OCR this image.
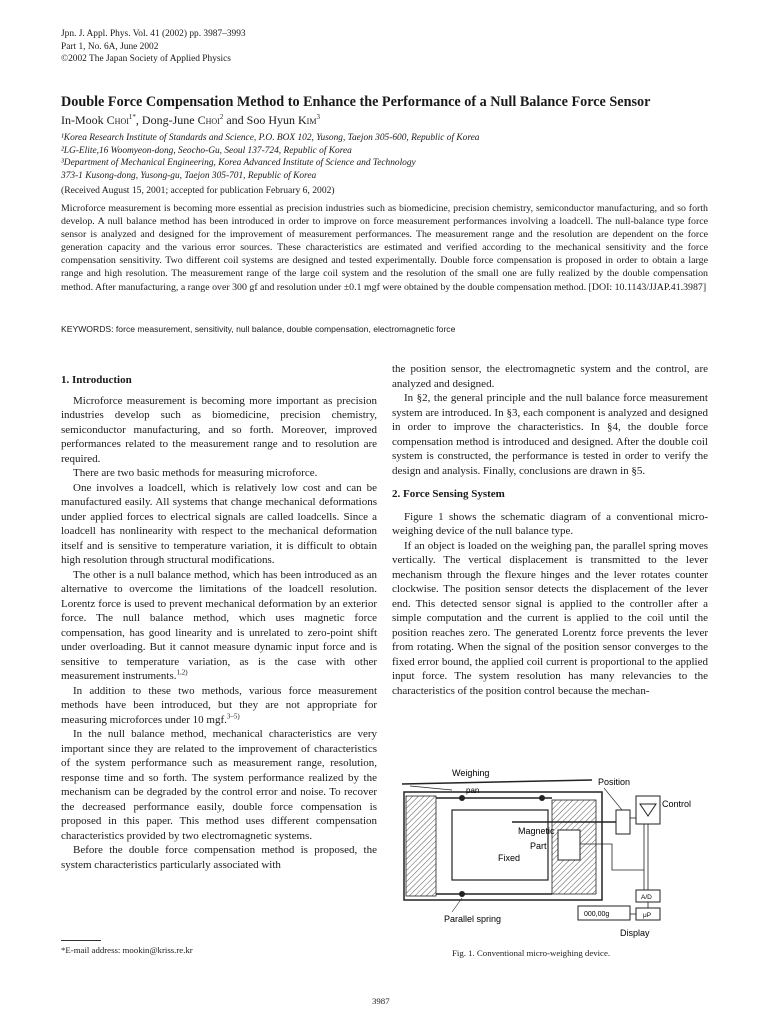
Jpn. J. Appl. Phys. Vol. 41 (2002) pp. 3987–3993
Part 1, No. 6A, June 2002
©2002 The Japan Society of Applied Physics
Double Force Compensation Method to Enhance the Performance of a Null Balance Force Sensor
In-Mook Choi$^{1*}$, Dong-June Choi$^2$ and Soo Hyun Kim$^3$
¹Korea Research Institute of Standards and Science, P.O. BOX 102, Yusong, Taejon 305-600, Republic of Korea
²LG-Elite,16 Woomyeon-dong, Seocho-Gu, Seoul 137-724, Republic of Korea
³Department of Mechanical Engineering, Korea Advanced Institute of Science and Technology
373-1 Kusong-dong, Yusong-gu, Taejon 305-701, Republic of Korea
(Received August 15, 2001; accepted for publication February 6, 2002)
Microforce measurement is becoming more essential as precision industries such as biomedicine, precision chemistry, semiconductor manufacturing, and so forth develop. A null balance method has been introduced in order to improve on force measurement performances involving a loadcell. The null-balance type force sensor is analyzed and designed for the improvement of measurement performances. The measurement range and the resolution are dependent on the force generation capacity and the various error sources. These characteristics are estimated and verified according to the mechanical sensitivity and the force compensation sensitivity. Two different coil systems are designed and tested experimentally. Double force compensation is proposed in order to obtain a large range and high resolution. The measurement range of the large coil system and the resolution of the small one are fully realized by the double compensation method. After manufacturing, a range over 300 gf and resolution under ±0.1 mgf were obtained by the double compensation method. [DOI: 10.1143/JJAP.41.3987]
KEYWORDS: force measurement, sensitivity, null balance, double compensation, electromagnetic force
1. Introduction

Microforce measurement is becoming more important as precision industries develop such as biomedicine, precision chemistry, semiconductor manufacturing, and so forth. Moreover, improved performances related to the measurement range and to resolution are required.

There are two basic methods for measuring microforce.

One involves a loadcell, which is relatively low cost and can be manufactured easily. All systems that change mechanical deformations under applied forces to electrical signals are called loadcells. Since a loadcell has nonlinearity with respect to the mechanical deformation itself and is sensitive to temperature variation, it is difficult to obtain high resolution through structural modifications.

The other is a null balance method, which has been introduced as an alternative to overcome the limitations of the loadcell resolution. Lorentz force is used to prevent mechanical deformation by an exterior force. The null balance method, which uses magnetic force compensation, has good linearity and is unrelated to zero-point shift under overloading. But it cannot measure dynamic input force and is sensitive to temperature variation, as is the case with other measurement instruments.$^{1,2)}$

In addition to these two methods, various force measurement methods have been introduced, but they are not appropriate for measuring microforces under 10 mgf.$^{3-5)}$

In the null balance method, mechanical characteristics are very important since they are related to the improvement of characteristics of the system performance such as measurement range, resolution, response time and so forth. The system performance realized by the mechanism can be degraded by the control error and noise. To recover the decreased performance easily, double force compensation is proposed in this paper. This method uses different compensation characteristics provided by two electromagnetic systems.

Before the double force compensation method is proposed, the system characteristics particularly associated with

the position sensor, the electromagnetic system and the control, are analyzed and designed.

In §2, the general principle and the null balance force measurement system are introduced. In §3, each component is analyzed and designed in order to improve the characteristics. In §4, the double force compensation method is introduced and designed. After the double coil system is constructed, the performance is tested in order to verify the design and analysis. Finally, conclusions are drawn in §5.

2. Force Sensing System

Figure 1 shows the schematic diagram of a conventional micro-weighing device of the null balance type.

If an object is loaded on the weighing pan, the parallel spring moves vertically. The vertical displacement is transmitted to the lever mechanism through the flexure hinges and the lever rotates counter clockwise. The position sensor detects the displacement of the lever end. This detected sensor signal is applied to the controller after a simple computation and the current is applied to the coil until the position reaches zero. The generated Lorentz force prevents the lever from rotating. When the signal of the position sensor converges to the fixed error bound, the applied coil current is proportional to the applied input force. The system resolution has many relevancies to the characteristics of the position control because the mechan-

Weighing
pan
Position
Control
Magnetic
Part
Fixed
Parallel spring
A/D
μP
000,00g
Display
Fig. 1. Conventional micro-weighing device.
*E-mail address: mookin@kriss.re.kr
3987
